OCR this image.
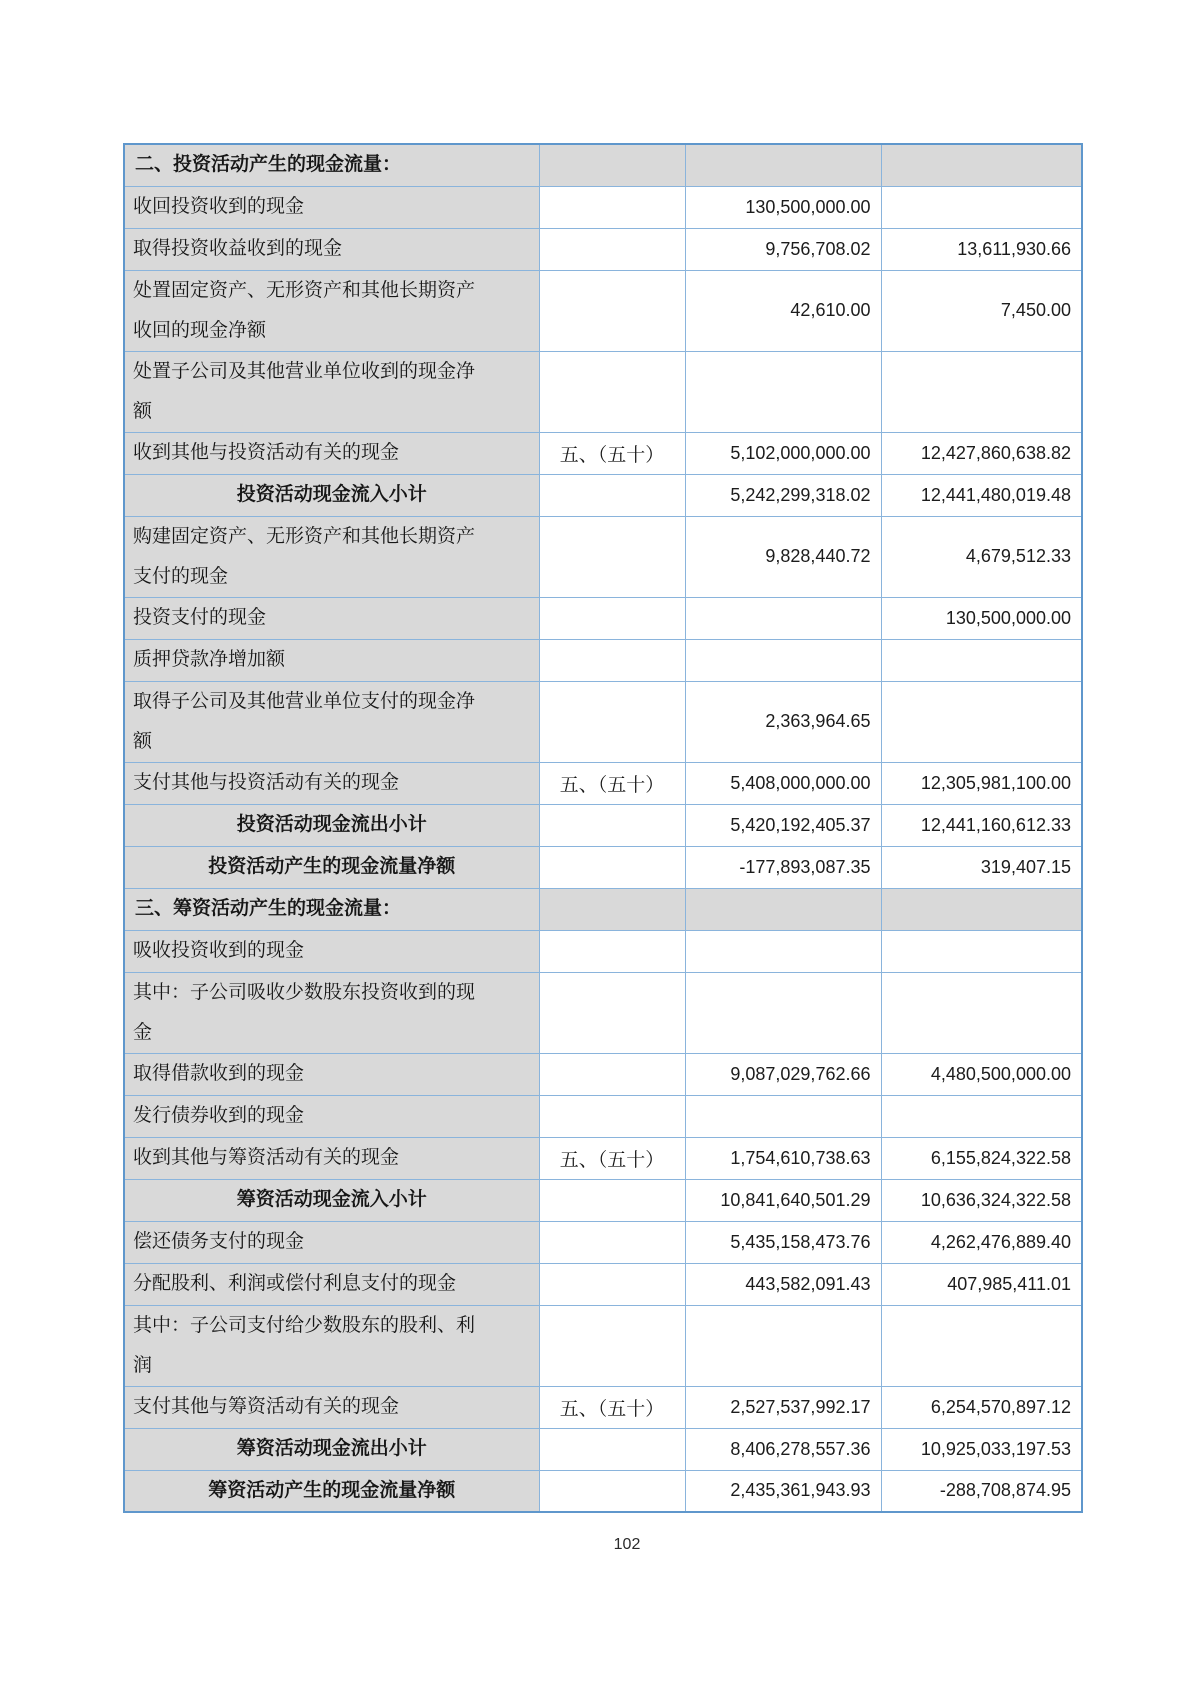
二、投资活动产生的现金流量：			
收回投资收到的现金		130,500,000.00	
取得投资收益收到的现金		9,756,708.02	13,611,930.66
处置固定资产、无形资产和其他长期资产收回的现金净额		42,610.00	7,450.00
处置子公司及其他营业单位收到的现金净额			
收到其他与投资活动有关的现金	五、（五十）	5,102,000,000.00	12,427,860,638.82
投资活动现金流入小计		5,242,299,318.02	12,441,480,019.48
购建固定资产、无形资产和其他长期资产支付的现金		9,828,440.72	4,679,512.33
投资支付的现金			130,500,000.00
质押贷款净增加额			
取得子公司及其他营业单位支付的现金净额		2,363,964.65	
支付其他与投资活动有关的现金	五、（五十）	5,408,000,000.00	12,305,981,100.00
投资活动现金流出小计		5,420,192,405.37	12,441,160,612.33
投资活动产生的现金流量净额		-177,893,087.35	319,407.15
三、筹资活动产生的现金流量：			
吸收投资收到的现金			
其中：子公司吸收少数股东投资收到的现金			
取得借款收到的现金		9,087,029,762.66	4,480,500,000.00
发行债券收到的现金			
收到其他与筹资活动有关的现金	五、（五十）	1,754,610,738.63	6,155,824,322.58
筹资活动现金流入小计		10,841,640,501.29	10,636,324,322.58
偿还债务支付的现金		5,435,158,473.76	4,262,476,889.40
分配股利、利润或偿付利息支付的现金		443,582,091.43	407,985,411.01
其中：子公司支付给少数股东的股利、利润			
支付其他与筹资活动有关的现金	五、（五十）	2,527,537,992.17	6,254,570,897.12
筹资活动现金流出小计		8,406,278,557.36	10,925,033,197.53
筹资活动产生的现金流量净额		2,435,361,943.93	-288,708,874.95
102
